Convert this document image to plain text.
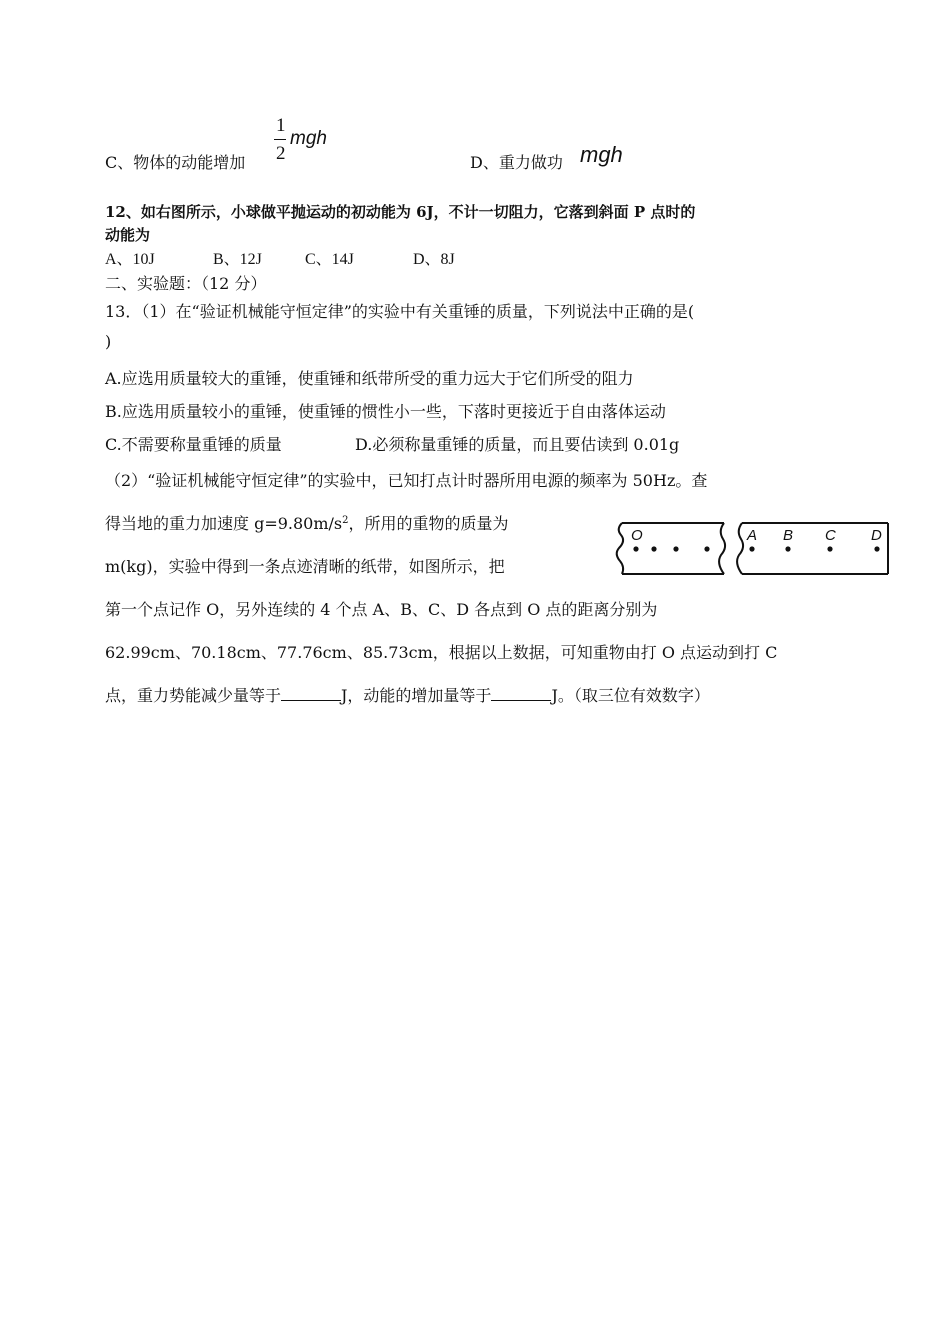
C、物体的动能增加
1
2
mgh
D、重力做功 mgh
12、如右图所示，小球做平抛运动的初动能为 6J，不计一切阻力，它落到斜面 P 点时的
动能为
A、10J	B、12J	C、14J	D、8J
二、实验题：（12 分）
13．（1）在“验证机械能守恒定律”的实验中有关重锤的质量，下列说法中正确的是(
)
A.应选用质量较大的重锤，使重锤和纸带所受的重力远大于它们所受的阻力
B.应选用质量较小的重锤，使重锤的惯性小一些，下落时更接近于自由落体运动
C.不需要称量重锤的质量	D.必须称量重锤的质量，而且要估读到 0.01g
（2）“验证机械能守恒定律”的实验中，已知打点计时器所用电源的频率为 50Hz。查
得当地的重力加速度 $g=9.80m/s^2$，所用的重物的质量为
m(kg)，实验中得到一条点迹清晰的纸带，如图所示，把
第一个点记作 O，另外连续的 4 个点 A、B、C、D 各点到 O 点的距离分别为
62.99cm、70.18cm、77.76cm、85.73cm，根据以上数据，可知重物由打 O 点运动到打 C
点，重力势能减少量等于	J，动能的增加量等于	J。（取三位有效数字）
O	A B C D
